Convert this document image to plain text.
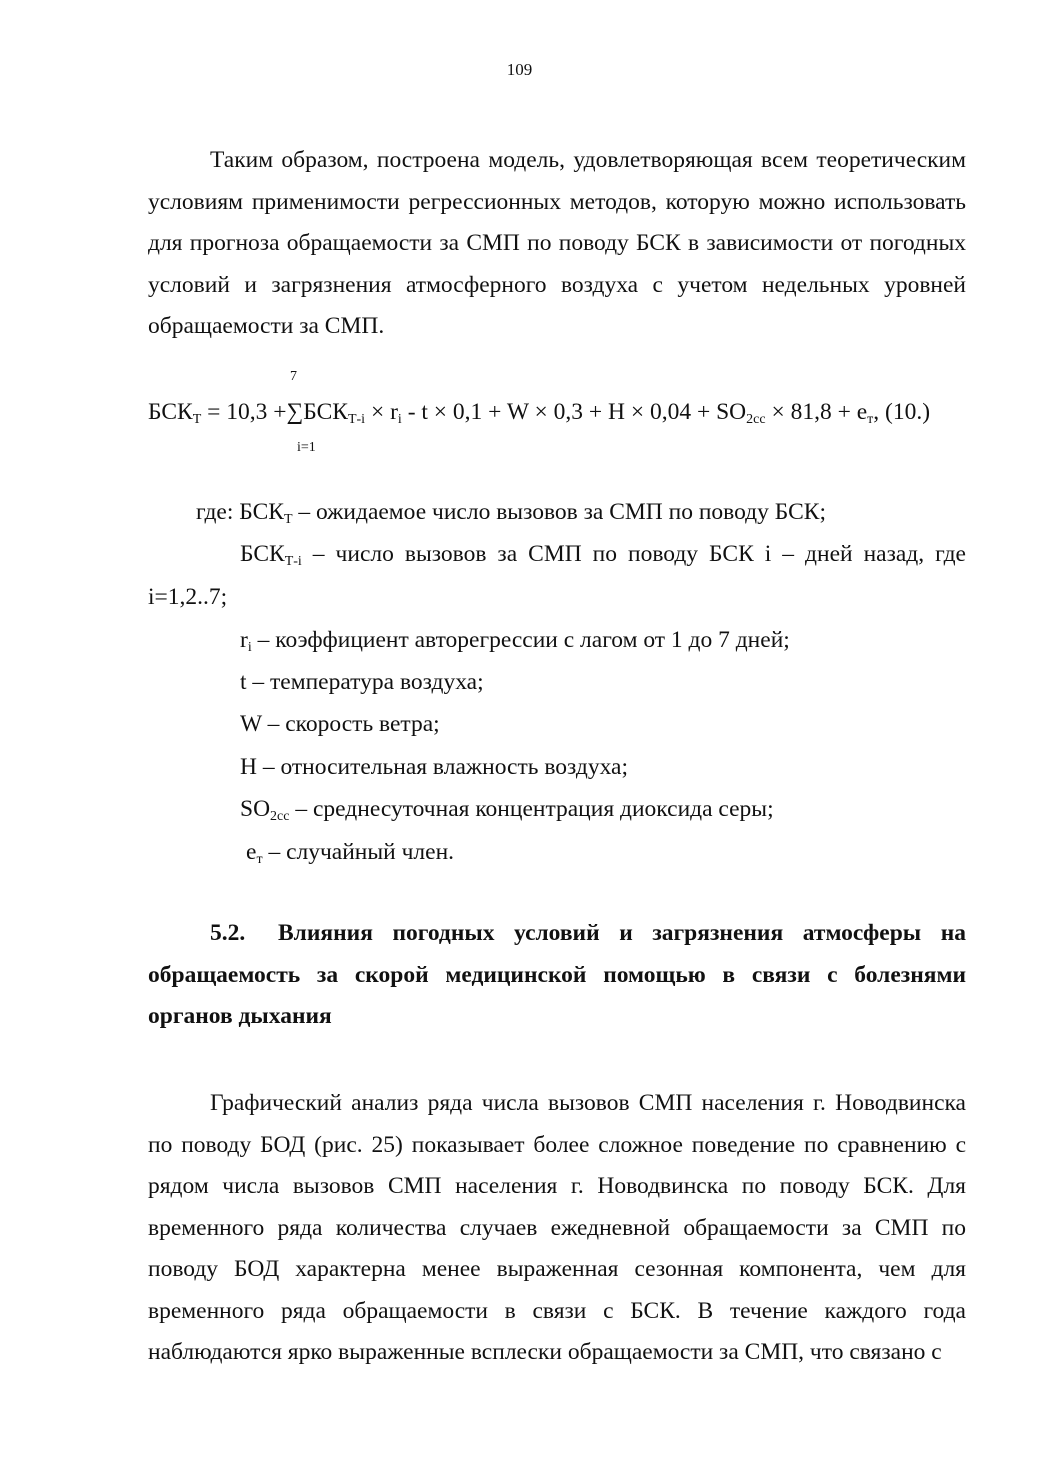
109

Таким образом, построена модель, удовлетворяющая всем теоретическим условиям применимости регрессионных методов, которую можно использовать для прогноза обращаемости за СМП по поводу БСК в зависимости от погодных условий и загрязнения атмосферного воздуха с учетом недельных уровней обращаемости за СМП.

7
$БСК_Т = 10,3 +\sum БСК_{Т-i} \times r_i - t \times 0,1 + W \times 0,3 + H \times 0,04 + SO_{2сс} \times 81,8 + e_т$, (10.)
i=1
где: $БСК_Т$ – ожидаемое число вызовов за СМП по поводу БСК;
$БСК_{Т-i}$ – число вызовов за СМП по поводу БСК i – дней назад, где
i=1,2..7;
$r_i$ – коэффициент авторегрессии с лагом от 1 до 7 дней;
t – температура воздуха;
W – скорость ветра;
H – относительная влажность воздуха;
$SO_{2сс}$ – среднесуточная концентрация диоксида серы;
$e_т$ – случайный член.

5.2. Влияния погодных условий и загрязнения атмосферы на обращаемость за скорой медицинской помощью в связи с болезнями органов дыхания

Графический анализ ряда числа вызовов СМП населения г. Новодвинска по поводу БОД (рис. 25) показывает более сложное поведение по сравнению с рядом числа вызовов СМП населения г. Новодвинска по поводу БСК. Для временного ряда количества случаев ежедневной обращаемости за СМП по поводу БОД характерна менее выраженная сезонная компонента, чем для временного ряда обращаемости в связи с БСК. В течение каждого года наблюдаются ярко выраженные всплески обращаемости за СМП, что связано с
